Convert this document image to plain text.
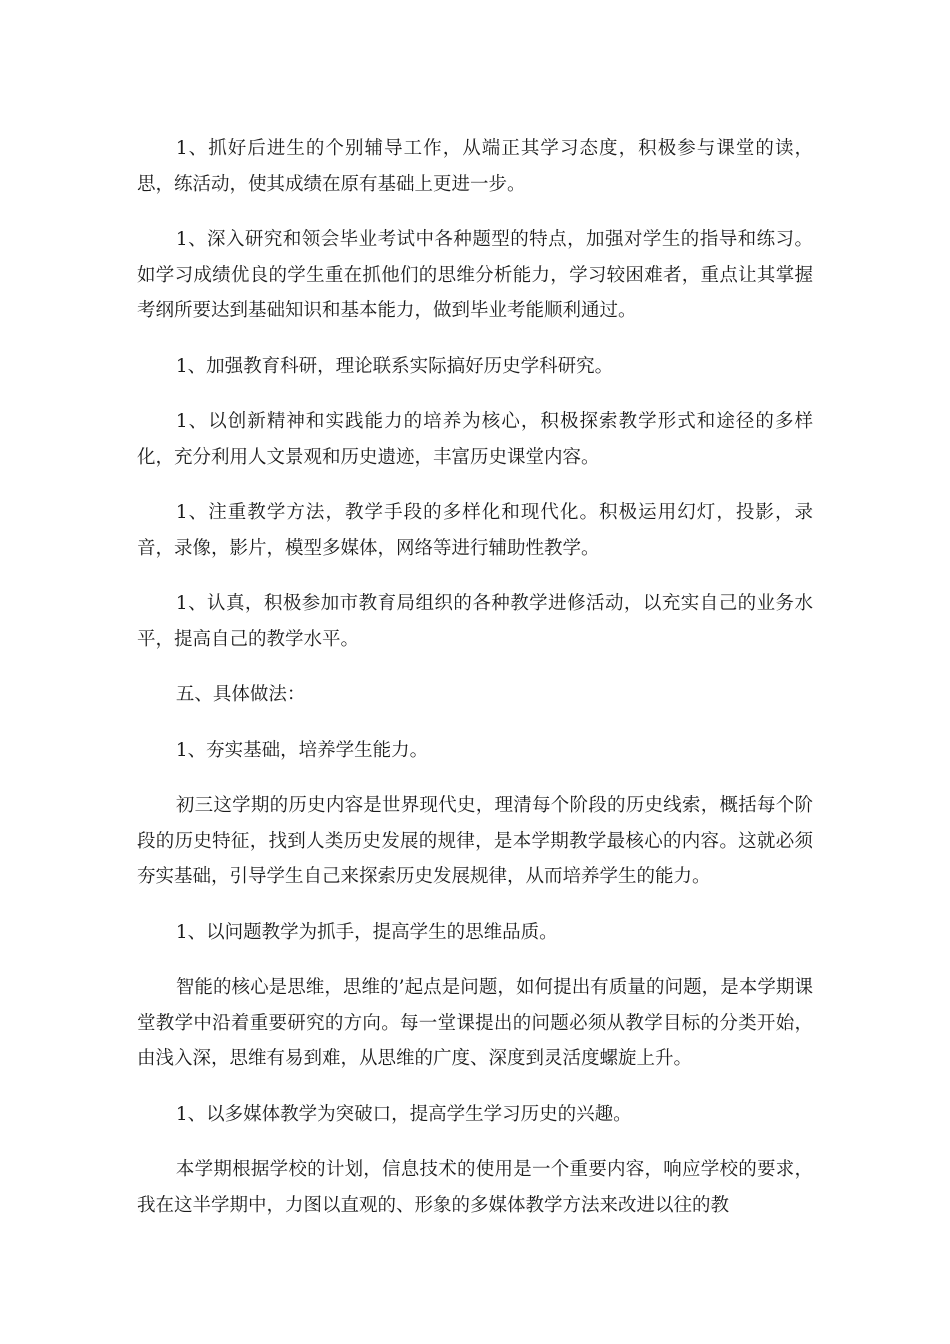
1、抓好后进生的个别辅导工作，从端正其学习态度，积极参与课堂的读，思，练活动，使其成绩在原有基础上更进一步。

1、深入研究和领会毕业考试中各种题型的特点，加强对学生的指导和练习。如学习成绩优良的学生重在抓他们的思维分析能力，学习较困难者，重点让其掌握考纲所要达到基础知识和基本能力，做到毕业考能顺利通过。

1、加强教育科研，理论联系实际搞好历史学科研究。

1、以创新精神和实践能力的培养为核心，积极探索教学形式和途径的多样化，充分利用人文景观和历史遗迹，丰富历史课堂内容。

1、注重教学方法，教学手段的多样化和现代化。积极运用幻灯，投影，录音，录像，影片，模型多媒体，网络等进行辅助性教学。

1、认真，积极参加市教育局组织的各种教学进修活动，以充实自己的业务水平，提高自己的教学水平。

五、具体做法：

1、夯实基础，培养学生能力。

初三这学期的历史内容是世界现代史，理清每个阶段的历史线索，概括每个阶段的历史特征，找到人类历史发展的规律，是本学期教学最核心的内容。这就必须夯实基础，引导学生自己来探索历史发展规律，从而培养学生的能力。

1、以问题教学为抓手，提高学生的思维品质。

智能的核心是思维，思维的’起点是问题，如何提出有质量的问题，是本学期课堂教学中沿着重要研究的方向。每一堂课提出的问题必须从教学目标的分类开始，由浅入深，思维有易到难，从思维的广度、深度到灵活度螺旋上升。

1、以多媒体教学为突破口，提高学生学习历史的兴趣。

本学期根据学校的计划，信息技术的使用是一个重要内容，响应学校的要求，我在这半学期中，力图以直观的、形象的多媒体教学方法来改进以往的教
